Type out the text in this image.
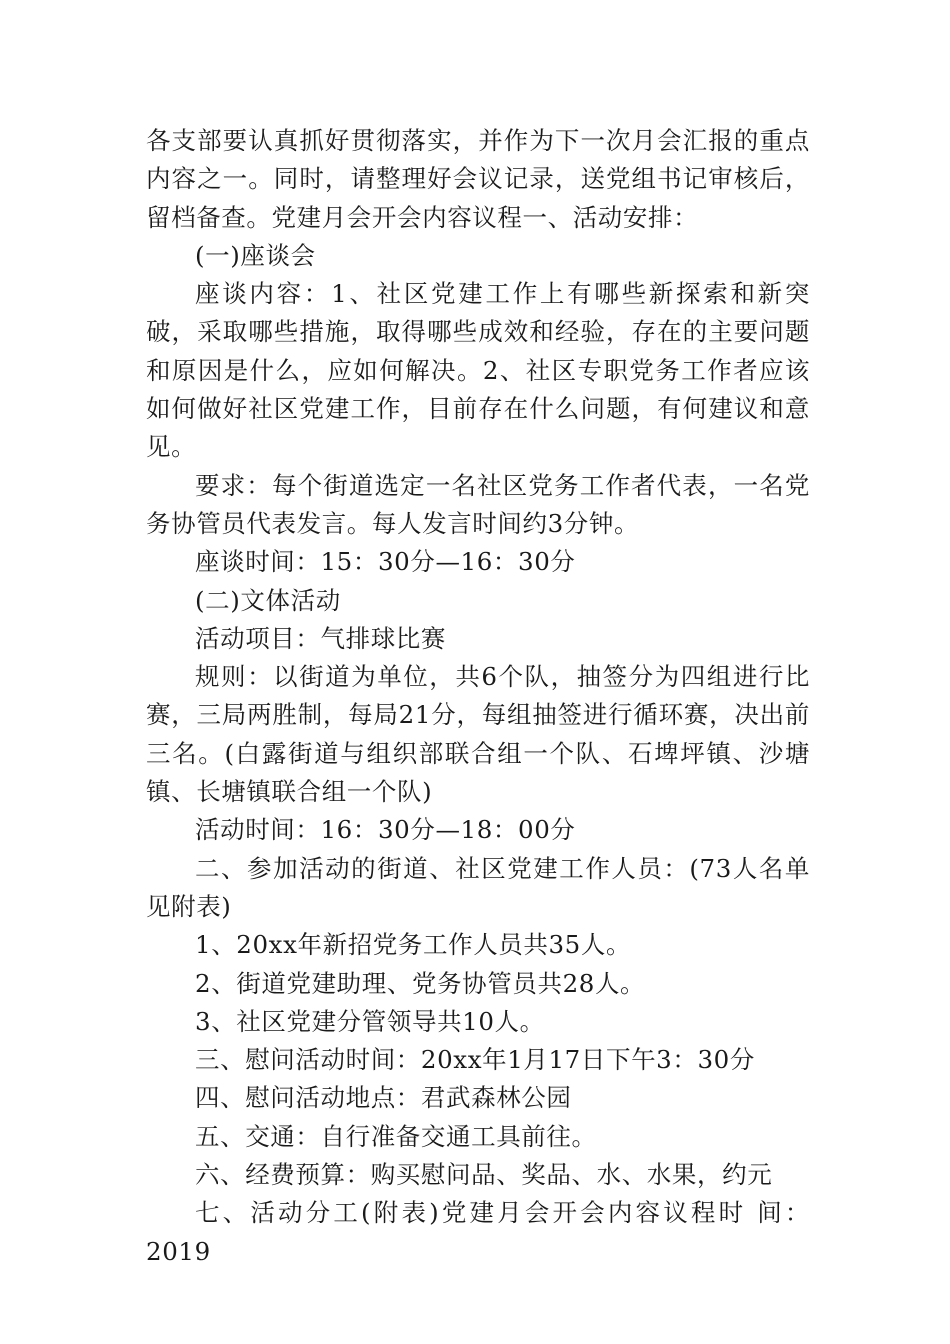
各支部要认真抓好贯彻落实，并作为下一次月会汇报的重点内容之一。同时，请整理好会议记录，送党组书记审核后，留档备查。党建月会开会内容议程一、活动安排：

(一)座谈会

座谈内容：1、社区党建工作上有哪些新探索和新突破，采取哪些措施，取得哪些成效和经验，存在的主要问题和原因是什么，应如何解决。2、社区专职党务工作者应该如何做好社区党建工作，目前存在什么问题，有何建议和意见。

要求：每个街道选定一名社区党务工作者代表，一名党务协管员代表发言。每人发言时间约3分钟。

座谈时间：15：30分—16：30分

(二)文体活动

活动项目：气排球比赛

规则：以街道为单位，共6个队，抽签分为四组进行比赛，三局两胜制，每局21分，每组抽签进行循环赛，决出前三名。(白露街道与组织部联合组一个队、石埤坪镇、沙塘镇、长塘镇联合组一个队)

活动时间：16：30分—18：00分

二、参加活动的街道、社区党建工作人员：(73人名单见附表)

1、20xx年新招党务工作人员共35人。

2、街道党建助理、党务协管员共28人。

3、社区党建分管领导共10人。

三、慰问活动时间：20xx年1月17日下午3：30分

四、慰问活动地点：君武森林公园

五、交通：自行准备交通工具前往。

六、经费预算：购买慰问品、奖品、水、水果，约元

七、活动分工(附表)党建月会开会内容议程时 间：2019
